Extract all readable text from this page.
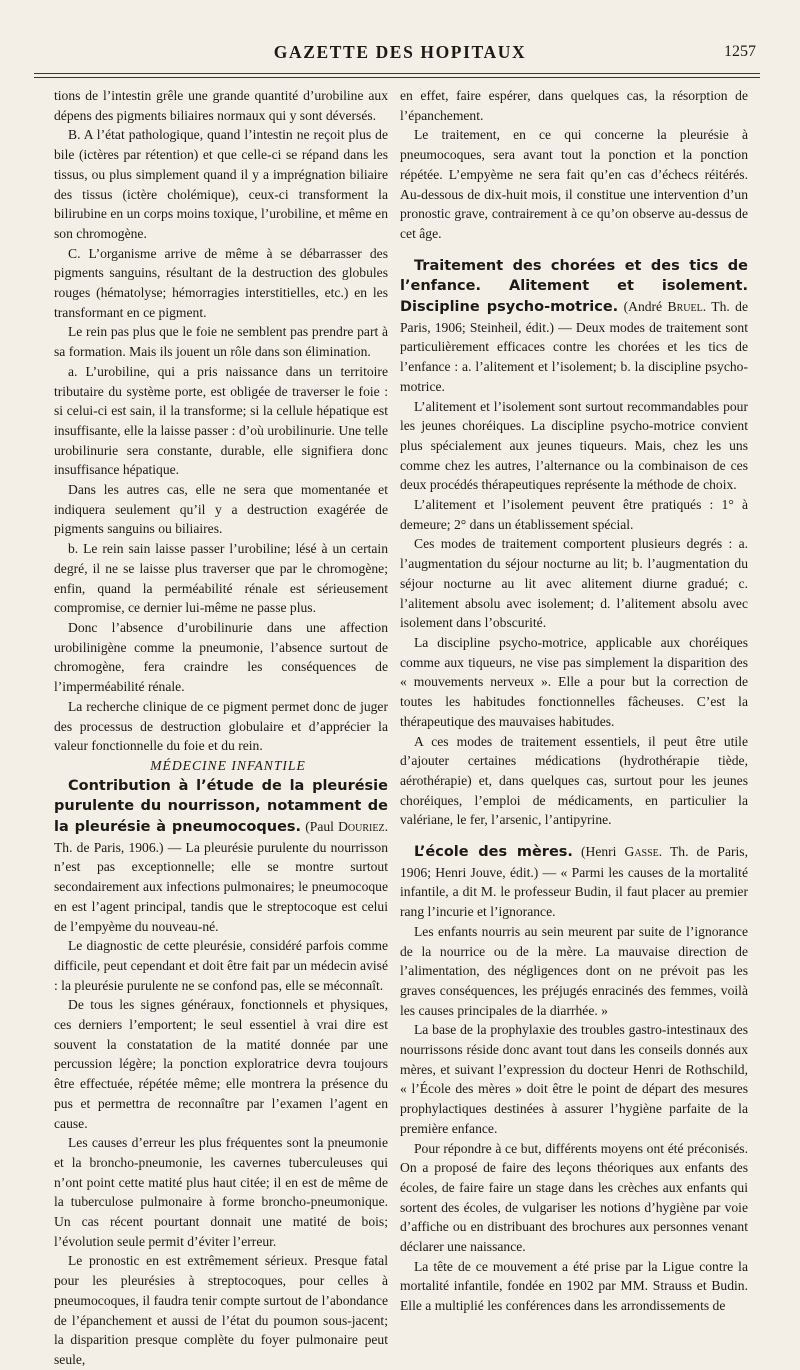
GAZETTE DES HOPITAUX	1257

tions de l’intestin grêle une grande quantité d’urobiline aux dépens des pigments biliaires normaux qui y sont déversés.

B. A l’état pathologique, quand l’intestin ne reçoit plus de bile (ictères par rétention) et que celle-ci se répand dans les tissus, ou plus simplement quand il y a imprégnation biliaire des tissus (ictère cholémique), ceux-ci transforment la bilirubine en un corps moins toxique, l’urobiline, et même en son chromogène.

C. L’organisme arrive de même à se débarrasser des pigments sanguins, résultant de la destruction des globules rouges (hématolyse; hémorragies interstitielles, etc.) en les transformant en ce pigment.

Le rein pas plus que le foie ne semblent pas prendre part à sa formation. Mais ils jouent un rôle dans son élimination.

a. L’urobiline, qui a pris naissance dans un territoire tributaire du système porte, est obligée de traverser le foie : si celui-ci est sain, il la transforme; si la cellule hépatique est insuffisante, elle la laisse passer : d’où urobilinurie. Une telle urobilinurie sera constante, durable, elle signifiera donc insuffisance hépatique.

Dans les autres cas, elle ne sera que momentanée et indiquera seulement qu’il y a destruction exagérée de pigments sanguins ou biliaires.

b. Le rein sain laisse passer l’urobiline; lésé à un certain degré, il ne se laisse plus traverser que par le chromogène; enfin, quand la perméabilité rénale est sérieusement compromise, ce dernier lui-même ne passe plus.

Donc l’absence d’urobilinurie dans une affection urobilinigène comme la pneumonie, l’absence surtout de chromogène, fera craindre les conséquences de l’imperméabilité rénale.

La recherche clinique de ce pigment permet donc de juger des processus de destruction globulaire et d’apprécier la valeur fonctionnelle du foie et du rein.

MÉDECINE INFANTILE

Contribution à l’étude de la pleurésie purulente du nourrisson, notamment de la pleurésie à pneumocoques. (Paul Douriez. Th. de Paris, 1906.) — La pleurésie purulente du nourrisson n’est pas exceptionnelle; elle se montre surtout secondairement aux infections pulmonaires; le pneumocoque en est l’agent principal, tandis que le streptocoque est celui de l’empyème du nouveau-né.

Le diagnostic de cette pleurésie, considéré parfois comme difficile, peut cependant et doit être fait par un médecin avisé : la pleurésie purulente ne se confond pas, elle se méconnaît.

De tous les signes généraux, fonctionnels et physiques, ces derniers l’emportent; le seul essentiel à vrai dire est souvent la constatation de la matité donnée par une percussion légère; la ponction exploratrice devra toujours être effectuée, répétée même; elle montrera la présence du pus et permettra de reconnaître par l’examen l’agent en cause.

Les causes d’erreur les plus fréquentes sont la pneumonie et la broncho-pneumonie, les cavernes tuberculeuses qui n’ont point cette matité plus haut citée; il en est de même de la tuberculose pulmonaire à forme broncho-pneumonique. Un cas récent pourtant donnait une matité de bois; l’évolution seule permit d’éviter l’erreur.

Le pronostic en est extrêmement sérieux. Presque fatal pour les pleurésies à streptocoques, pour celles à pneumocoques, il faudra tenir compte surtout de l’abondance de l’épanchement et aussi de l’état du poumon sous-jacent; la disparition presque complète du foyer pulmonaire peut seule,

en effet, faire espérer, dans quelques cas, la résorption de l’épanchement.

Le traitement, en ce qui concerne la pleurésie à pneumocoques, sera avant tout la ponction et la ponction répétée. L’empyème ne sera fait qu’en cas d’échecs réitérés. Au-dessous de dix-huit mois, il constitue une intervention d’un pronostic grave, contrairement à ce qu’on observe au-dessus de cet âge.

Traitement des chorées et des tics de l’enfance. Alitement et isolement. Discipline psycho-motrice. (André Bruel. Th. de Paris, 1906; Steinheil, édit.) — Deux modes de traitement sont particulièrement efficaces contre les chorées et les tics de l’enfance : a. l’alitement et l’isolement; b. la discipline psycho-motrice.

L’alitement et l’isolement sont surtout recommandables pour les jeunes choréiques. La discipline psycho-motrice convient plus spécialement aux jeunes tiqueurs. Mais, chez les uns comme chez les autres, l’alternance ou la combinaison de ces deux procédés thérapeutiques représente la méthode de choix.

L’alitement et l’isolement peuvent être pratiqués : 1° à demeure; 2° dans un établissement spécial.

Ces modes de traitement comportent plusieurs degrés : a. l’augmentation du séjour nocturne au lit; b. l’augmentation du séjour nocturne au lit avec alitement diurne gradué; c. l’alitement absolu avec isolement; d. l’alitement absolu avec isolement dans l’obscurité.

La discipline psycho-motrice, applicable aux choréiques comme aux tiqueurs, ne vise pas simplement la disparition des « mouvements nerveux ». Elle a pour but la correction de toutes les habitudes fonctionnelles fâcheuses. C’est la thérapeutique des mauvaises habitudes.

A ces modes de traitement essentiels, il peut être utile d’ajouter certaines médications (hydrothérapie tiède, aérothérapie) et, dans quelques cas, surtout pour les jeunes choréiques, l’emploi de médicaments, en particulier la valériane, le fer, l’arsenic, l’antipyrine.

L’école des mères. (Henri Gasse. Th. de Paris, 1906; Henri Jouve, édit.) — « Parmi les causes de la mortalité infantile, a dit M. le professeur Budin, il faut placer au premier rang l’incurie et l’ignorance.

Les enfants nourris au sein meurent par suite de l’ignorance de la nourrice ou de la mère. La mauvaise direction de l’alimentation, des négligences dont on ne prévoit pas les graves conséquences, les préjugés enracinés des femmes, voilà les causes principales de la diarrhée. »

La base de la prophylaxie des troubles gastro-intestinaux des nourrissons réside donc avant tout dans les conseils donnés aux mères, et suivant l’expression du docteur Henri de Rothschild, « l’École des mères » doit être le point de départ des mesures prophylactiques destinées à assurer l’hygiène parfaite de la première enfance.

Pour répondre à ce but, différents moyens ont été préconisés. On a proposé de faire des leçons théoriques aux enfants des écoles, de faire faire un stage dans les crèches aux enfants qui sortent des écoles, de vulgariser les notions d’hygiène par voie d’affiche ou en distribuant des brochures aux personnes venant déclarer une naissance.

La tête de ce mouvement a été prise par la Ligue contre la mortalité infantile, fondée en 1902 par MM. Strauss et Budin. Elle a multiplié les conférences dans les arrondissements de
